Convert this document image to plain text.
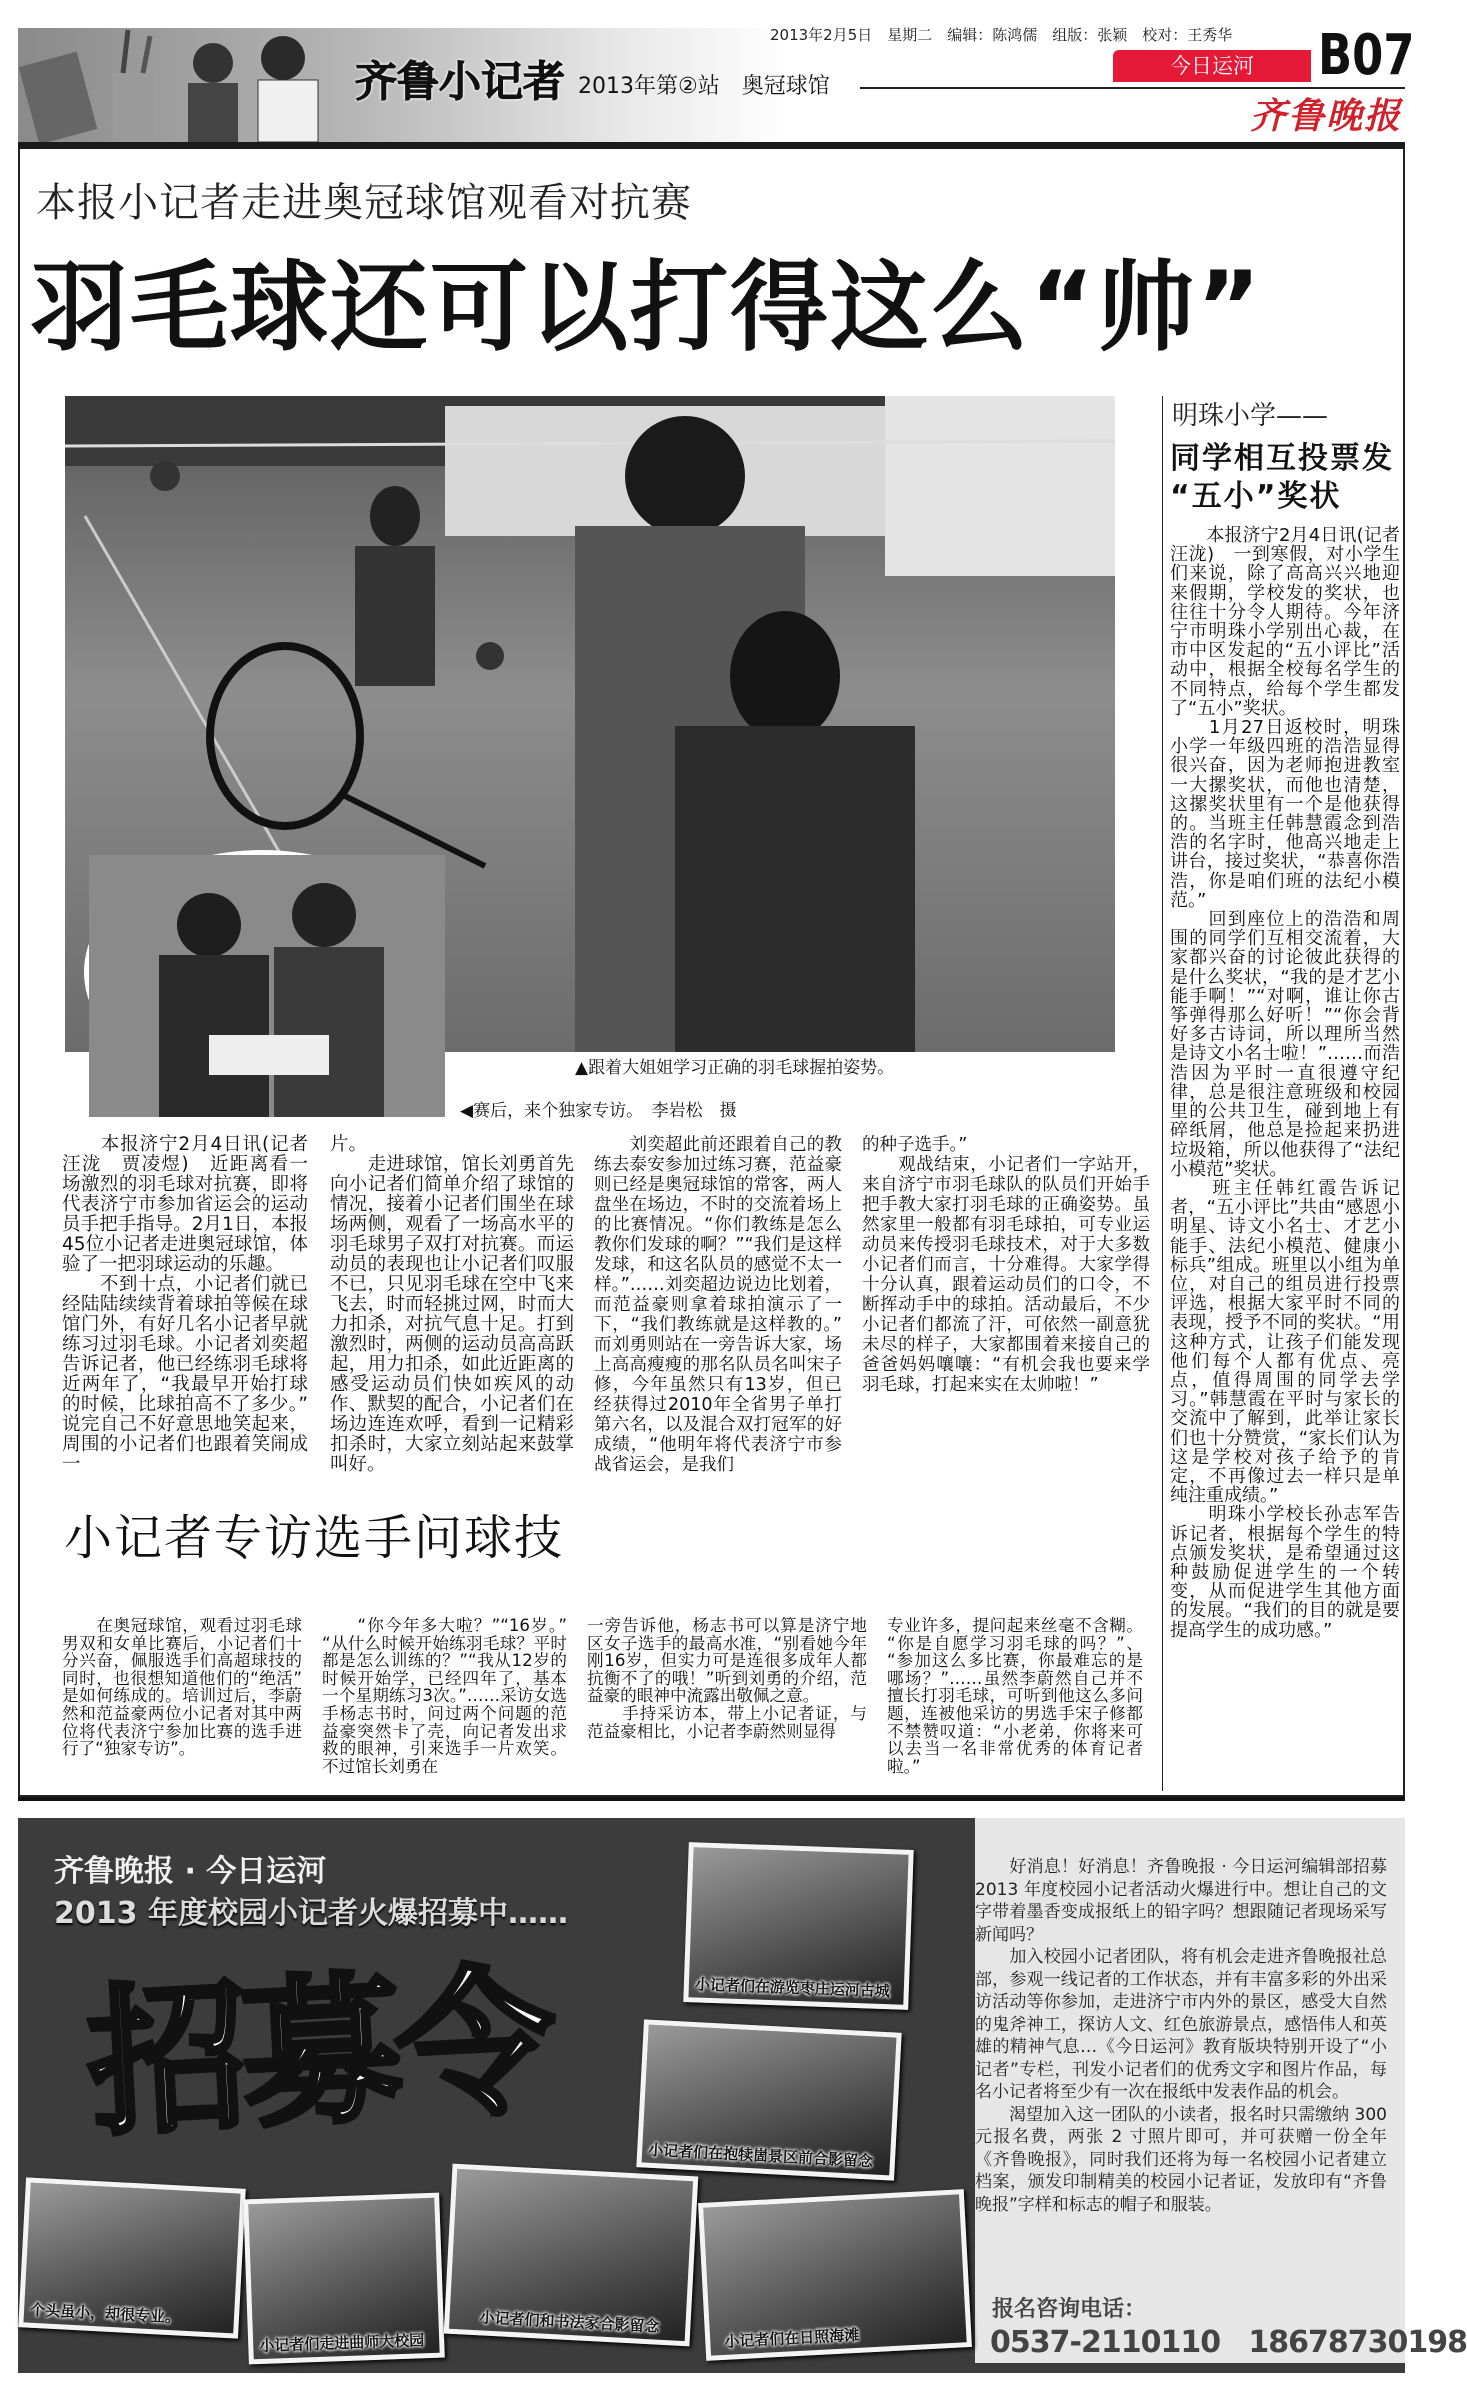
齐鲁小记者 2013年第②站　奥冠球馆
2013年2月5日　星期二　编辑：陈鸿儒　组版：张颖　校对：王秀华
今日运河	B07
齐鲁晚报
本报小记者走进奥冠球馆观看对抗赛
羽毛球还可以打得这么“帅”
▲跟着大姐姐学习正确的羽毛球握拍姿势。
◀赛后，来个独家专访。　李岩松　摄

　　本报济宁2月4日讯(记者　汪泷　贾凌煜)　近距离看一场激烈的羽毛球对抗赛，即将代表济宁市参加省运会的运动员手把手指导。2月1日，本报45位小记者走进奥冠球馆，体验了一把羽球运动的乐趣。

　　不到十点，小记者们就已经陆陆续续背着球拍等候在球馆门外，有好几名小记者早就练习过羽毛球。小记者刘奕超告诉记者，他已经练羽毛球将近两年了，“我最早开始打球的时候，比球拍高不了多少。”说完自己不好意思地笑起来，周围的小记者们也跟着笑闹成一

片。

　　走进球馆，馆长刘勇首先向小记者们简单介绍了球馆的情况，接着小记者们围坐在球场两侧，观看了一场高水平的羽毛球男子双打对抗赛。而运动员的表现也让小记者们叹服不已，只见羽毛球在空中飞来飞去，时而轻挑过网，时而大力扣杀，对抗气息十足。打到激烈时，两侧的运动员高高跃起，用力扣杀，如此近距离的感受运动员们快如疾风的动作、默契的配合，小记者们在场边连连欢呼，看到一记精彩扣杀时，大家立刻站起来鼓掌叫好。

　　刘奕超此前还跟着自己的教练去泰安参加过练习赛，范益豪则已经是奥冠球馆的常客，两人盘坐在场边，不时的交流着场上的比赛情况。“你们教练是怎么教你们发球的啊？”“我们是这样发球，和这名队员的感觉不太一样。”……刘奕超边说边比划着，而范益豪则拿着球拍演示了一下，“我们教练就是这样教的。”而刘勇则站在一旁告诉大家，场上高高瘦瘦的那名队员名叫宋子修，今年虽然只有13岁，但已经获得过2010年全省男子单打第六名，以及混合双打冠军的好成绩，“他明年将代表济宁市参战省运会，是我们

的种子选手。”

　　观战结束，小记者们一字站开，来自济宁市羽毛球队的队员们开始手把手教大家打羽毛球的正确姿势。虽然家里一般都有羽毛球拍，可专业运动员来传授羽毛球技术，对于大多数小记者们而言，十分难得。大家学得十分认真，跟着运动员们的口令，不断挥动手中的球拍。活动最后，不少小记者们都流了汗，可依然一副意犹未尽的样子，大家都围着来接自己的爸爸妈妈嚷嚷：“有机会我也要来学羽毛球，打起来实在太帅啦！”

明珠小学——
同学相互投票发“五小”奖状

　　本报济宁2月4日讯(记者　汪泷)　一到寒假，对小学生们来说，除了高高兴兴地迎来假期，学校发的奖状，也往往十分令人期待。今年济宁市明珠小学别出心裁，在市中区发起的“五小评比”活动中，根据全校每名学生的不同特点，给每个学生都发了“五小”奖状。

　　1月27日返校时，明珠小学一年级四班的浩浩显得很兴奋，因为老师抱进教室一大摞奖状，而他也清楚，这摞奖状里有一个是他获得的。当班主任韩慧霞念到浩浩的名字时，他高兴地走上讲台，接过奖状，“恭喜你浩浩，你是咱们班的法纪小模范。”

　　回到座位上的浩浩和周围的同学们互相交流着，大家都兴奋的讨论彼此获得的是什么奖状，“我的是才艺小能手啊！”“对啊，谁让你古筝弹得那么好听！”“你会背好多古诗词，所以理所当然是诗文小名士啦！”……而浩浩因为平时一直很遵守纪律，总是很注意班级和校园里的公共卫生，碰到地上有碎纸屑，他总是捡起来扔进垃圾箱，所以他获得了“法纪小模范”奖状。

　　班主任韩红霞告诉记者，“五小评比”共由“感恩小明星、诗文小名士、才艺小能手、法纪小模范、健康小标兵”组成。班里以小组为单位，对自己的组员进行投票评选，根据大家平时不同的表现，授予不同的奖状。“用这种方式，让孩子们能发现他们每个人都有优点、亮点，值得周围的同学去学习。”韩慧霞在平时与家长的交流中了解到，此举让家长们也十分赞赏，“家长们认为这是学校对孩子给予的肯定，不再像过去一样只是单纯注重成绩。”

　　明珠小学校长孙志军告诉记者，根据每个学生的特点颁发奖状，是希望通过这种鼓励促进学生的一个转变，从而促进学生其他方面的发展。“我们的目的就是要提高学生的成功感。”

小记者专访选手问球技

　　在奥冠球馆，观看过羽毛球男双和女单比赛后，小记者们十分兴奋，佩服选手们高超球技的同时，也很想知道他们的“绝活”是如何练成的。培训过后，李蔚然和范益豪两位小记者对其中两位将代表济宁参加比赛的选手进行了“独家专访”。

　　“你今年多大啦？”“16岁。”“从什么时候开始练羽毛球？平时都是怎么训练的？”“我从12岁的时候开始学，已经四年了，基本一个星期练习3次。”……采访女选手杨志书时，问过两个问题的范益豪突然卡了壳，向记者发出求救的眼神，引来选手一片欢笑。不过馆长刘勇在

一旁告诉他，杨志书可以算是济宁地区女子选手的最高水准，“别看她今年刚16岁，但实力可是连很多成年人都抗衡不了的哦！”听到刘勇的介绍，范益豪的眼神中流露出敬佩之意。

　　手持采访本，带上小记者证，与范益豪相比，小记者李蔚然则显得

专业许多，提问起来丝毫不含糊。“你是自愿学习羽毛球的吗？”、“参加这么多比赛，你最难忘的是哪场？”……虽然李蔚然自己并不擅长打羽毛球，可听到他这么多问题，连被他采访的男选手宋子修都不禁赞叹道：“小老弟，你将来可以去当一名非常优秀的体育记者啦。”

齐鲁晚报 · 今日运河
2013 年度校园小记者火爆招募中……
招募令	小记者们在游览枣庄运河古城
小记者们在抱犊崮景区前合影留念
个头虽小，却很专业。
小记者们走进曲师大校园
小记者们和书法家合影留念
小记者们在日照海滩

　　好消息！好消息！齐鲁晚报 · 今日运河编辑部招募 2013 年度校园小记者活动火爆进行中。想让自己的文字带着墨香变成报纸上的铅字吗？想跟随记者现场采写新闻吗？

　　加入校园小记者团队，将有机会走进齐鲁晚报社总部，参观一线记者的工作状态，并有丰富多彩的外出采访活动等你参加，走进济宁市内外的景区，感受大自然的鬼斧神工，探访人文、红色旅游景点，感悟伟人和英雄的精神气息…《今日运河》教育版块特别开设了“小记者”专栏，刊发小记者们的优秀文字和图片作品，每名小记者将至少有一次在报纸中发表作品的机会。

　　渴望加入这一团队的小读者，报名时只需缴纳 300 元报名费，两张 2 寸照片即可，并可获赠一份全年《齐鲁晚报》，同时我们还将为每一名校园小记者建立档案，颁发印制精美的校园小记者证，发放印有“齐鲁晚报”字样和标志的帽子和服装。

报名咨询电话：
0537-2110110 18678730198
